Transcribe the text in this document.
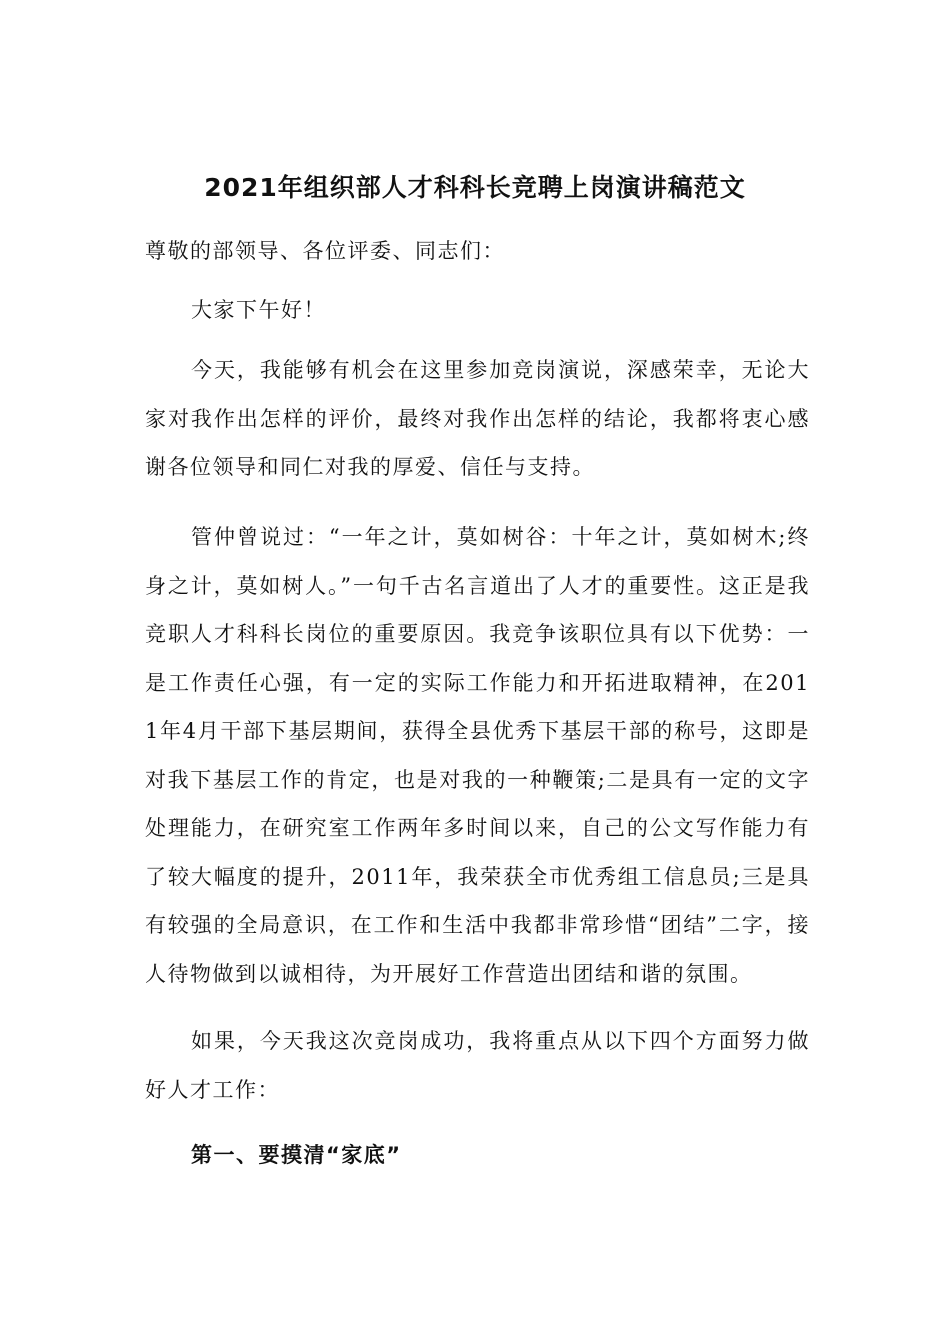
2021年组织部人才科科长竞聘上岗演讲稿范文

尊敬的部领导、各位评委、同志们：

大家下午好！

今天，我能够有机会在这里参加竞岗演说，深感荣幸，无论大家对我作出怎样的评价，最终对我作出怎样的结论，我都将衷心感谢各位领导和同仁对我的厚爱、信任与支持。

管仲曾说过：“一年之计，莫如树谷：十年之计，莫如树木;终身之计，莫如树人。”一句千古名言道出了人才的重要性。这正是我竞职人才科科长岗位的重要原因。我竞争该职位具有以下优势：一是工作责任心强，有一定的实际工作能力和开拓进取精神，在2011年4月干部下基层期间，获得全县优秀下基层干部的称号，这即是对我下基层工作的肯定，也是对我的一种鞭策;二是具有一定的文字处理能力，在研究室工作两年多时间以来，自己的公文写作能力有了较大幅度的提升，2011年，我荣获全市优秀组工信息员;三是具有较强的全局意识，在工作和生活中我都非常珍惜“团结”二字，接人待物做到以诚相待，为开展好工作营造出团结和谐的氛围。

如果，今天我这次竞岗成功，我将重点从以下四个方面努力做好人才工作：

第一、要摸清“家底”
